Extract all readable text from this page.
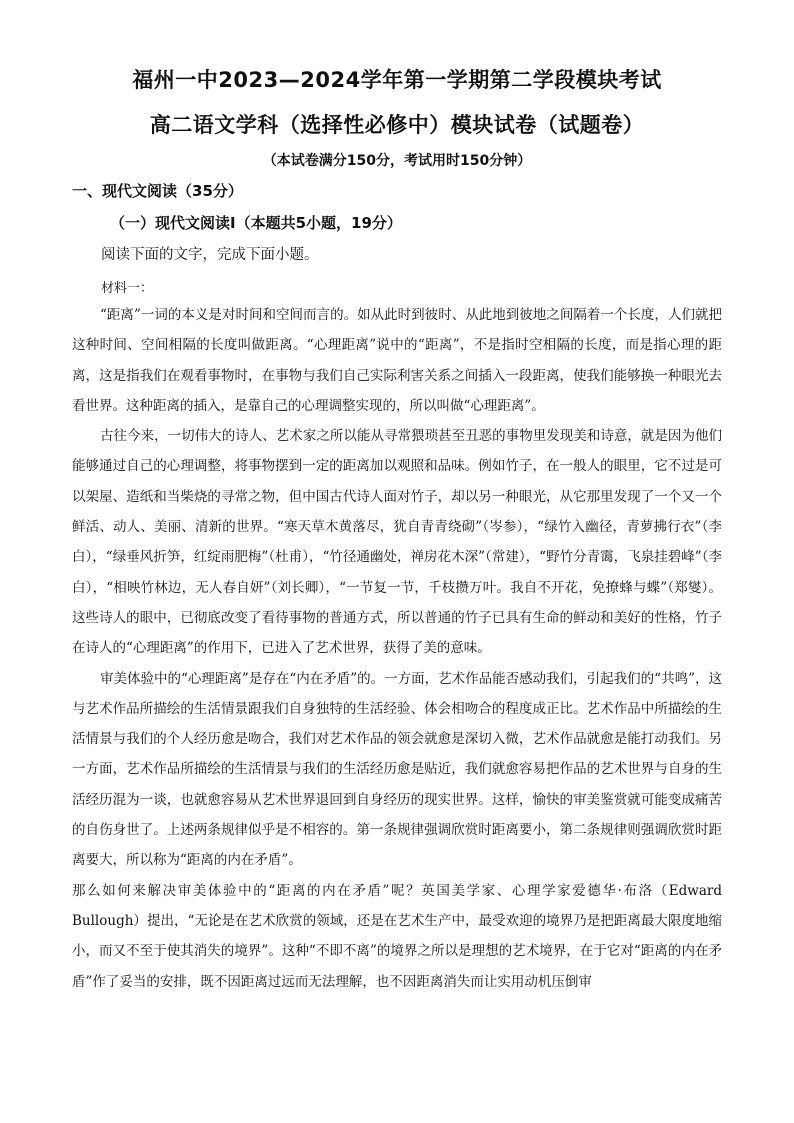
福州一中2023—2024学年第一学期第二学段模块考试
高二语文学科（选择性必修中）模块试卷（试题卷）
（本试卷满分150分，考试用时150分钟）
一、现代文阅读（35分）
（一）现代文阅读Ⅰ（本题共5小题，19分）
阅读下面的文字，完成下面小题。
材料一：

“距离”一词的本义是对时间和空间而言的。如从此时到彼时、从此地到彼地之间隔着一个长度，人们就把这种时间、空间相隔的长度叫做距离。“心理距离”说中的“距离”，不是指时空相隔的长度，而是指心理的距离，这是指我们在观看事物时，在事物与我们自己实际利害关系之间插入一段距离，使我们能够换一种眼光去看世界。这种距离的插入，是靠自己的心理调整实现的，所以叫做“心理距离”。

古往今来，一切伟大的诗人、艺术家之所以能从寻常猥琐甚至丑恶的事物里发现美和诗意，就是因为他们能够通过自己的心理调整，将事物摆到一定的距离加以观照和品味。例如竹子，在一般人的眼里，它不过是可以架屋、造纸和当柴烧的寻常之物，但中国古代诗人面对竹子，却以另一种眼光，从它那里发现了一个又一个鲜活、动人、美丽、清新的世界。“寒天草木黄落尽，犹自青青绕砌”（岑参），“绿竹入幽径，青萝拂行衣”（李白），“绿垂风折笋，红绽雨肥梅”（杜甫），“竹径通幽处，禅房花木深”（常建），“野竹分青霭，飞泉挂碧峰”（李白），“相映竹林边，无人春自妍”（刘长卿），“一节复一节，千枝攒万叶。我自不开花，免撩蜂与蝶”（郑燮）。这些诗人的眼中，已彻底改变了看待事物的普通方式，所以普通的竹子已具有生命的鲜动和美好的性格，竹子在诗人的“心理距离”的作用下，已进入了艺术世界，获得了美的意味。

审美体验中的“心理距离”是存在“内在矛盾”的。一方面，艺术作品能否感动我们，引起我们的“共鸣”，这与艺术作品所描绘的生活情景跟我们自身独特的生活经验、体会相吻合的程度成正比。艺术作品中所描绘的生活情景与我们的个人经历愈是吻合，我们对艺术作品的领会就愈是深切入微，艺术作品就愈是能打动我们。另一方面，艺术作品所描绘的生活情景与我们的生活经历愈是贴近，我们就愈容易把作品的艺术世界与自身的生活经历混为一谈，也就愈容易从艺术世界退回到自身经历的现实世界。这样，愉快的审美鉴赏就可能变成痛苦的自伤身世了。上述两条规律似乎是不相容的。第一条规律强调欣赏时距离要小，第二条规律则强调欣赏时距离要大，所以称为“距离的内在矛盾”。

那么如何来解决审美体验中的“距离的内在矛盾”呢？英国美学家、心理学家爱德华·布洛（Edward Bullough）提出，“无论是在艺术欣赏的领域，还是在艺术生产中，最受欢迎的境界乃是把距离最大限度地缩小，而又不至于使其消失的境界”。这种“不即不离”的境界之所以是理想的艺术境界，在于它对“距离的内在矛盾”作了妥当的安排，既不因距离过远而无法理解，也不因距离消失而让实用动机压倒审
